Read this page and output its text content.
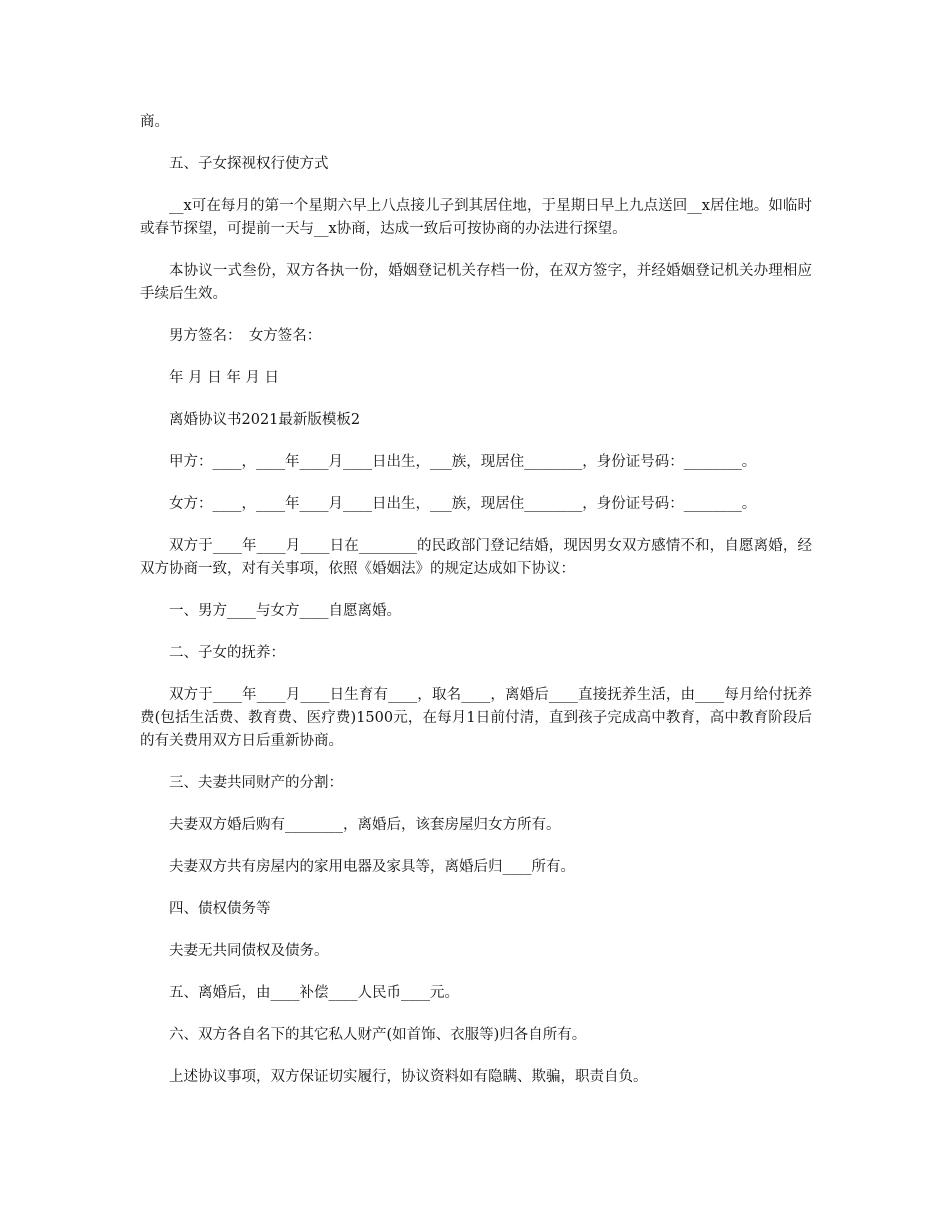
商。

五、子女探视权行使方式

__x可在每月的第一个星期六早上八点接儿子到其居住地，于星期日早上九点送回__x居住地。如临时或春节探望，可提前一天与__x协商，达成一致后可按协商的办法进行探望。

本协议一式叁份，双方各执一份，婚姻登记机关存档一份，在双方签字，并经婚姻登记机关办理相应手续后生效。

男方签名：　女方签名：

年 月 日 年 月 日

离婚协议书2021最新版模板2

甲方：____，____年____月____日出生，___族，现居住________，身份证号码：________。

女方：____，____年____月____日出生，___族，现居住________，身份证号码：________。

双方于____年____月____日在________的民政部门登记结婚，现因男女双方感情不和，自愿离婚，经双方协商一致，对有关事项，依照《婚姻法》的规定达成如下协议：

一、男方____与女方____自愿离婚。

二、子女的抚养：

双方于____年____月____日生育有____，取名____，离婚后____直接抚养生活，由____每月给付抚养费(包括生活费、教育费、医疗费)1500元，在每月1日前付清，直到孩子完成高中教育，高中教育阶段后的有关费用双方日后重新协商。

三、夫妻共同财产的分割：

夫妻双方婚后购有________，离婚后，该套房屋归女方所有。

夫妻双方共有房屋内的家用电器及家具等，离婚后归____所有。

四、债权债务等

夫妻无共同债权及债务。

五、离婚后，由____补偿____人民币____元。

六、双方各自名下的其它私人财产(如首饰、衣服等)归各自所有。

上述协议事项，双方保证切实履行，协议资料如有隐瞒、欺骗，职责自负。
